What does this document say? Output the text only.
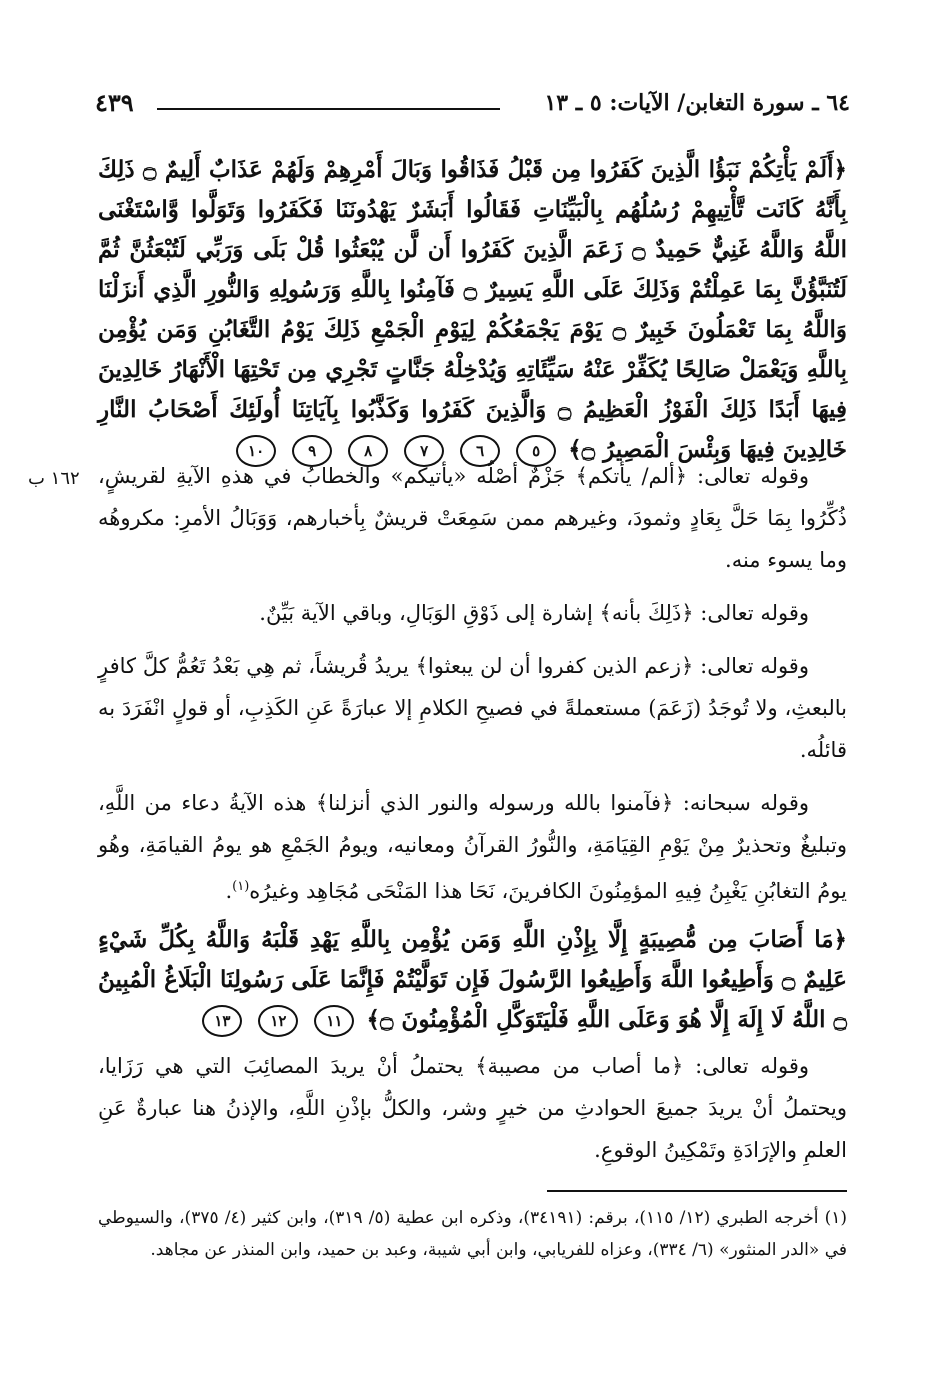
٦٤ ـ سورة التغابن/ الآيات: ٥ ـ ١٣
٤٣٩
﴿أَلَمْ يَأْتِكُمْ نَبَؤُا الَّذِينَ كَفَرُوا مِن قَبْلُ فَذَاقُوا وَبَالَ أَمْرِهِمْ وَلَهُمْ عَذَابٌ أَلِيمٌ ۝ ذَلِكَ بِأَنَّهُ كَانَت تَّأْتِيهِمْ رُسُلُهُم بِالْبَيِّنَاتِ فَقَالُوا أَبَشَرٌ يَهْدُونَنَا فَكَفَرُوا وَتَوَلَّوا وَّاسْتَغْنَى اللَّهُ وَاللَّهُ غَنِيٌّ حَمِيدٌ ۝ زَعَمَ الَّذِينَ كَفَرُوا أَن لَّن يُبْعَثُوا قُلْ بَلَى وَرَبِّي لَتُبْعَثُنَّ ثُمَّ لَتُنَبَّؤُنَّ بِمَا عَمِلْتُمْ وَذَلِكَ عَلَى اللَّهِ يَسِيرٌ ۝ فَآمِنُوا بِاللَّهِ وَرَسُولِهِ وَالنُّورِ الَّذِي أَنزَلْنَا وَاللَّهُ بِمَا تَعْمَلُونَ خَبِيرٌ ۝ يَوْمَ يَجْمَعُكُمْ لِيَوْمِ الْجَمْعِ ذَلِكَ يَوْمُ التَّغَابُنِ وَمَن يُؤْمِن بِاللَّهِ وَيَعْمَلْ صَالِحًا يُكَفِّرْ عَنْهُ سَيِّئَاتِهِ وَيُدْخِلْهُ جَنَّاتٍ تَجْرِي مِن تَحْتِهَا الْأَنْهَارُ خَالِدِينَ فِيهَا أَبَدًا ذَلِكَ الْفَوْزُ الْعَظِيمُ ۝ وَالَّذِينَ كَفَرُوا وَكَذَّبُوا بِآيَاتِنَا أُولَئِكَ أَصْحَابُ النَّارِ خَالِدِينَ فِيهَا وَبِئْسَ الْمَصِيرُ ۝﴾ ٥ ٦ ٧ ٨ ٩ ١٠
١٦٢ ب وقوله تعالى: ﴿ألم/ يأتكم﴾ جَزْمٌ أصْلُه «يأتيكم» والخطابُ في هذهِ الآيةِ لقريشٍ، ذُكِّرُوا بِمَا حَلَّ بِعَادٍ وثمودَ، وغيرهم ممن سَمِعَتْ قريشٌ بِأخبارهم، وَوَبَالُ الأمرِ: مكروهُه وما يسوء منه.
وقوله تعالى: ﴿ذَلِكَ بأنه﴾ إشارة إلى ذَوْقِ الوَبَالِ، وباقي الآية بَيِّنٌ.
وقوله تعالى: ﴿زعم الذين كفروا أن لن يبعثوا﴾ يريدُ قُريشاً، ثم هِي بَعْدُ تَعُمُّ كلَّ كافرٍ بالبعثِ، ولا تُوجَدُ (زَعَمَ) مستعملةً في فصيحِ الكلامِ إلا عبارَةً عَنِ الكَذِبِ، أو قولٍ انْفَرَدَ به قائلُه.
وقوله سبحانه: ﴿فآمنوا بالله ورسوله والنور الذي أنزلنا﴾ هذه الآيةُ دعاء من اللَّهِ، وتبليغٌ وتحذيرٌ مِنْ يَوْمِ القِيَامَةِ، والنُّورُ القرآنُ ومعانيه، ويومُ الجَمْعِ هو يومُ القيامَةِ، وهُو يومُ التغابُنِ يَغْبِنُ فِيهِ المؤمِنُونَ الكافرينَ، نَحَا هذا المَنْحَى مُجَاهِد وغيرُه$^{(١)}$.
﴿مَا أَصَابَ مِن مُّصِيبَةٍ إِلَّا بِإِذْنِ اللَّهِ وَمَن يُؤْمِن بِاللَّهِ يَهْدِ قَلْبَهُ وَاللَّهُ بِكُلِّ شَيْءٍ عَلِيمٌ ۝ وَأَطِيعُوا اللَّهَ وَأَطِيعُوا الرَّسُولَ فَإِن تَوَلَّيْتُمْ فَإِنَّمَا عَلَى رَسُولِنَا الْبَلَاغُ الْمُبِينُ ۝ اللَّهُ لَا إِلَهَ إِلَّا هُوَ وَعَلَى اللَّهِ فَلْيَتَوَكَّلِ الْمُؤْمِنُونَ ۝﴾ ١١ ١٢ ١٣
وقوله تعالى: ﴿ما أصاب من مصيبة﴾ يحتملُ أنْ يريدَ المصائِبَ التي هي رَزَايا، ويحتملُ أنْ يريدَ جميعَ الحوادثِ من خيرٍ وشر، والكلُّ بإذْنِ اللَّهِ، والإذنُ هنا عبارةٌ عَنِ العلمِ والإرَادَةِ وتَمْكِينُ الوقوعِ.
(١) أخرجه الطبري (١٢/ ١١٥)، برقم: (٣٤١٩١)، وذكره ابن عطية (٥/ ٣١٩)، وابن كثير (٤/ ٣٧٥)، والسيوطي في «الدر المنثور» (٦/ ٣٣٤)، وعزاه للفريابي، وابن أبي شيبة، وعبد بن حميد، وابن المنذر عن مجاهد.
